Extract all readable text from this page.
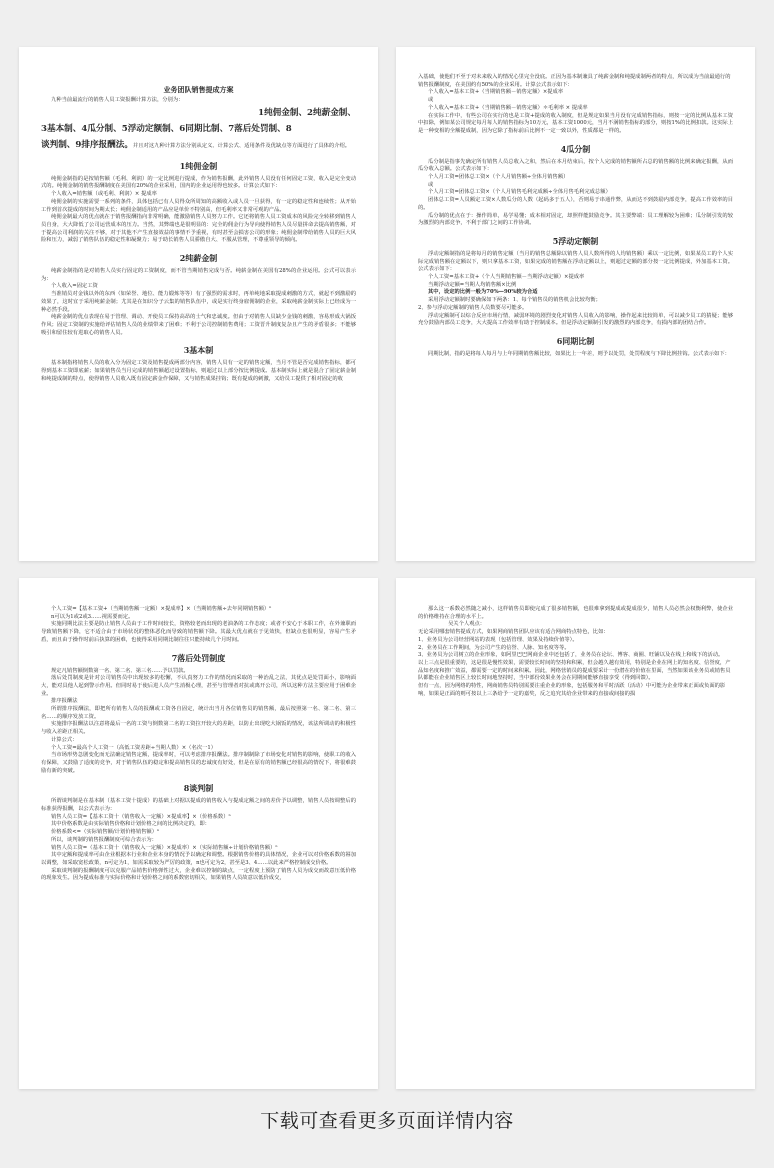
业务团队销售提成方案

九种当前最流行的销售人员工资报酬计算方法，分别为：

1纯佣金制、2纯薪金制、

3基本制、4瓜分制、5浮动定额制、6同期比制、7落后处罚制、8

谈判制、9排序报酬法。并且对这九种计算方法分别从定义、计算公式、适用条件及优缺点等方面进行了具体的介绍。

1纯佣金制

纯佣金制指的是按销售额（毛利、利润）的一定比例进行提成，作为销售报酬，此外销售人员没有任何固定工资，收入是完全变动式的。纯佣金制的销售报酬制度在美国有20%的企业采用，国内的企业运用得也较多。计算公式如下：

个人收入=销售额（或毛利、利润）× 提成率

纯佣金制的实施需要一系列的条件，具体包括已有人员得众所周知的高额收入或人员一旦获得，有一定的稳定性和连续性；从开始工作到首次提成的时间为期太长；纯佣金制适用的产品应是单价不特别高，但毛利率又非常可观的产品。

纯佣金制最大的优点就在于销售报酬指向非常明确，能激励销售人员努力工作。它还将销售人员工资成本的风险完全转移到销售人员自身，大大降低了公司运营成本的压力。当然，其弊端也是很明显的：完全的佣金行为导向使得销售人员尽量拼命去提高销售额，对于提高公司利润的关注不够，对于其他不产生直接效益的事情不予重视，有时甚至会损害公司的形象；纯佣金制带给销售人员的巨大风险和压力，减弱了销售队伍的稳定性和凝聚力；易于助长销售人员骄傲自大、不服从管理，不尊重领导的倾向。

2纯薪金制

纯薪金制指的是对销售人员实行固定的工资制度，而不管当期销售完成与否。纯薪金制在美国有28%的企业运用。公式可以表示为：

个人收入=固定工资

当准销员对金钱以外的东西（如荣誉、地位、能力锻炼等等）有了强烈的需求时，再单纯地采取提成刺激的方式，就起不到激励的效果了，这时宜于采用纯薪金制；尤其是在知识分子云集的销售队伍中，或是实行终身雇佣制的企业，采取纯薪金制实际上已经成为一种必然手段。

纯薪金制的优点表现在易于管理、调动、开使员工保持高昂的士气和忠诚度。但由于对销售人员缺少金钱的刺激，容易形成大锅饭作风；固定工资制的实施给评估销售人员的业绩带来了困难；不利于公司控制销售费用；工资晋升制度复杂且产生的矛盾很多；不能够吸引和留住较有进取心的销售人员。

3基本制

基本制指将销售人员的收入分为固定工资及销售提成两部分内容，销售人员有一定的销售定额，当月不管是否完成销售指标，都可得到基本工资即底薪；如果销售员当月完成的销售额超过设置指标，则超过以上部分按比例提成。基本制实际上就是混合了固定薪金制和纯提成制的特点，使得销售人员收入既有固定薪金作保障，又与销售成果挂钩；既有提成的刺激，又给员工提供了相对固定的收

入基础，使他们不至于对未来收入的情况心里完全没底。正因为基本制兼具了纯薪金制和纯提成制两者的特点，所以成为当前最通行的销售报酬制度，在美国约有50%的企业采用。计算公式表示如下：

个人收入=基本工资+（当期销售额－销售定额）×提成率

或

个人收入=基本工资+（当期销售额－销售定额）＊毛利率 × 提成率

在实际工作中，有些公司在实行的也是工资+提成的收入制度，但是规定如果当月没有完成销售指标，则按一定的比例从基本工资中扣除，例如某公司规定每月每人的销售指标为10万元，基本工资1000元，当月不满销售指标的部分，则按1%的比例扣款。这实际上是一种变相的全额提成制，因为它除了指标前后比例不一定一致以外，性质都是一样的。

4瓜分制

瓜分制是指事先确定所有销售人员总收入之和，然后在本月结束后，按个人完成的销售额所占总的销售额的比例来确定报酬，从而瓜分收入总额。公式表示如下：

个人月工资=团体总工资×（个人月销售额÷全体月销售额）

或

个人月工资=团体总工资×（个人月销售毛利完成额÷全体月售毛利完成总额）

团体总工资=人员额定工资×人数瓜分的人数（起码多于五人），否则易于串通作弊，从而达不到鼓励内部竞争，提高工作效率的目的。

瓜分制的优点在于：操作简单，易学易懂；成本相对固定，却照样能鼓励竞争。其主要弊端：员工理解较为困难；瓜分制引发的较为激烈的内部竞争，不利于部门之间的工作协调。

5浮动定额制

浮动定额制指的是将每月的销售定额（当月的销售总额除以销售人员人数所得的人均销售额）乘以一定比例，如果某员工的个人实际完成销售额在定额以下，则只拿基本工资，如果完成的销售额在浮动定额以上，则超过定额的部分按一定比例提成，外加基本工资。公式表示如下：

个人工资=基本工资+（个人当期销售额－当期浮动定额）×提成率

当期浮动定额=当期人均销售额×比例

其中，设定的比例一般为70%—90%较为合适

采用浮动定额制时要确保如下两条：1、每个销售员的销售机会比较均衡；

2、参与浮动定额制的销售人员数要尽可能多。

浮动定额制可以综合反应市场行情，减弱环境的剧烈变化对销售人员收入的影响，操作起来比较简单，可以减少员工的猜疑；能够充分鼓励内部员工竞争，大大提高工作效率有助于控制成本。但是浮动定额制引发的激烈的内部竞争，有损内部的团结合作。

6同期比制

同期比制，指的是将每人每月与上年同期销售额比较，如果比上一年差，则予以处罚，处罚程度与下降比例挂钩。公式表示如下：

个人工资=【基本工资+（当期销售额一定额）×提成率】×（当期销售额÷去年同期销售额）ⁿ

n可以为1或2或3……视需要而定。

实施同期比法主要是防止销售人员由于工作时间较长，资格较老而出现的老油条的工作态度；或者不安心于本职工作，在外兼职而导致销售额下降，它不适合由于市场状况的整体恶化而导致的销售额下降。其最大优点就在于见效快，但缺点也很明显，容易产生矛盾，而且由于操作时前后执算的困难，也使得采用同期比制往往只能持续几个月时间。

7落后处罚制度

规定凡销售额倒数第一名、第二名、第三名……予以罚款。

落后处罚制度是针对公司销售员中出现较多的松懈，不认真努力工作的情况而采取的一种治乱之法，其优点是处罚面小，影响面大，能对具他人起到警示作用。但同时易于使后进人员产生消极心理，甚至与管理者对抗或离开公司，所以这种方法主要应用于困难企业。

排序报酬法

所谓排序报酬法，即把所有销售人员的报酬或工资各自固定，统计出当月各位销售员的销售额，最后按照第一名、第二名、第三名……的顺序发放工资。

实施排序报酬法以注意将最后一名的工资与倒数第二名的工资拉开较大的差距，以防止出现吃大锅饭的情况，该法所调动的积极性与收入差距正相关。

计算公式：

个人工资=最高个人工资一（高低工资差距÷当期人数）×（名次一1）

当市场形势急剧变化而无法确定销售定额，提成率时，可以考虑排序报酬法。排序制制除了市场变化对销售的影响，使职工的收入有保障，又鼓励了适度的竞争，对于销售队伍的稳定和提高销售员的忠诚度有好处，但是在原有的销售额已经很高的情况下，将很难鼓励有新的突破。

8谈判制

所谓谈判制是在基本制（基本工资十提成）的基础上对据以提成的销售收入与提成定额之间的差价予以调整，销售人员按调整后的标准获得报酬，以公式表示为：

销售人员工资=【基本工资十（销售收入一定额）×提成率】×（价格系数）ⁿ

其中价格系数是由实际销售价格和计划价格之间的比例决定的，即：

价格系数<=（实际销售额/计划价格销售额）ⁿ

所以，谈判制的销售报酬制度可综合表示为：

销售人员工资=（基本工资十（销售收入一定额）×提成率）×（实际销售额÷计划价格销售额）ⁿ

其中定额和提成率可由企业根据本行业和企业本身的情况予以确定和调整。根据销售价格的具体情况，企业可以对价格系数的幂加以调整，如采取宽松政策，n可定为1，如需采取较为严厉的政策，n也可定为2，甚至是3、4……以此来严格控制成交价格。

采取谈判制的报酬制度可以克服产品销售价格弹性过大，企业难以控制的缺点，一定程度上预防了销售人员为成交而故意压低价格的现象发生。因为提成标准与实际价格和计划价格之间的系数密切相关，如果销售人员故意以低价成交，

那么这一系数必然随之减小，这样销售员即使完成了很多销售额，也很难拿到提成或提成很少，销售人员必然会权衡利弊，使企业的价格维持在合理的水平上。

吴关个人观点：

无论采用哪套销售提成方式，如果网商销售团队应该有适合网商特点特色，比如：

1、业务员为公司经营网站的表现（包括管理、效果及持续价值等）。

2、业务员在工作期间，为公司产生的信誉、人脉、知名度等等。

3、业务员为公司树立的企业形象，如阿里巴巴网商企业中还包括了，业务员在论坛、博客、商圈、旺铺以及在线上和线下的活动。

以上三点是很重要的，这是很是慢性效果，需要较长时间的坚持和积累，但会越久越有效用，特别是企业在网上的知名度、信誉度，产品知名度和推广效益，都需要一定的时间来积累。因此，网络营销员的提成要采计一份潜在的价值在里面，当然如果该业务员或销售员队都能在企业销售区上较长时间地坚持时，当中部份效果业务会在同期间能够直接享受（得到回馈）。

但有一点，因为网络的特性，网商销售员特别需要注重企业的形象，包括服务和平时活跃（活动）中可能为企业带来正面或负面的影响，如果是正面的则可按以上三条给予一定的嘉奖，反之追究其给企业带来的直接或间接的损

下载可查看更多页面详情内容
